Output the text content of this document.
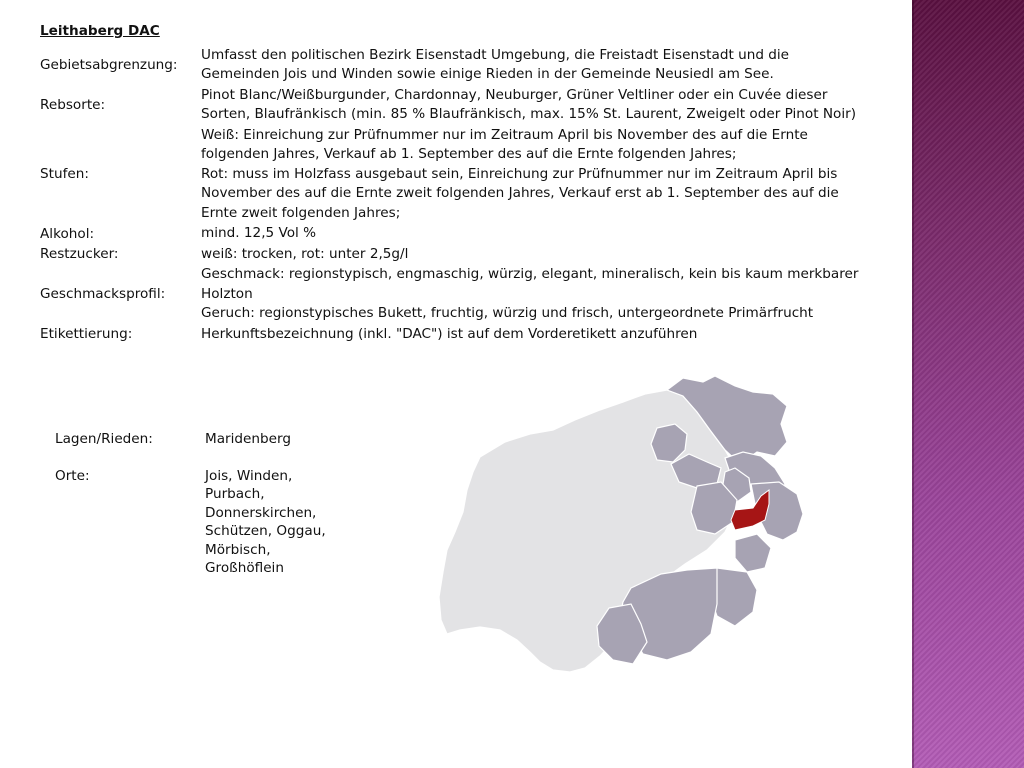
Leithaberg DAC	
Gebietsabgrenzung:	Umfasst den politischen Bezirk Eisenstadt Umgebung, die Freistadt Eisenstadt und die
Gemeinden Jois und Winden sowie einige Rieden in der Gemeinde Neusiedl am See.

Rebsorte:	Pinot Blanc/Weißburgunder, Chardonnay, Neuburger, Grüner Veltliner oder ein Cuvée dieser
Sorten, Blaufränkisch (min. 85 % Blaufränkisch, max. 15% St. Laurent, Zweigelt oder Pinot Noir)

Stufen:	Weiß: Einreichung zur Prüfnummer nur im Zeitraum April bis November des auf die Ernte
folgenden Jahres, Verkauf ab 1. September des auf die Ernte folgenden Jahres;
Rot: muss im Holzfass ausgebaut sein, Einreichung zur Prüfnummer nur im Zeitraum April bis
November des auf die Ernte zweit folgenden Jahres, Verkauf erst ab 1. September des auf die
Ernte zweit folgenden Jahres;

Alkohol:	mind. 12,5 Vol %

Restzucker:	weiß: trocken, rot: unter 2,5g/l

Geschmacksprofil:	Geschmack: regionstypisch, engmaschig, würzig, elegant, mineralisch, kein bis kaum merkbarer
Holzton
Geruch: regionstypisches Bukett, fruchtig, würzig und frisch, untergeordnete Primärfrucht

Etikettierung:	Herkunftsbezeichnung (inkl. "DAC") ist auf dem Vorderetikett anzuführen
Lagen/Rieden:	Maridenberg
Orte:	Jois, Winden,
Purbach,
Donnerskirchen,
Schützen, Oggau,
Mörbisch,
Großhöflein
